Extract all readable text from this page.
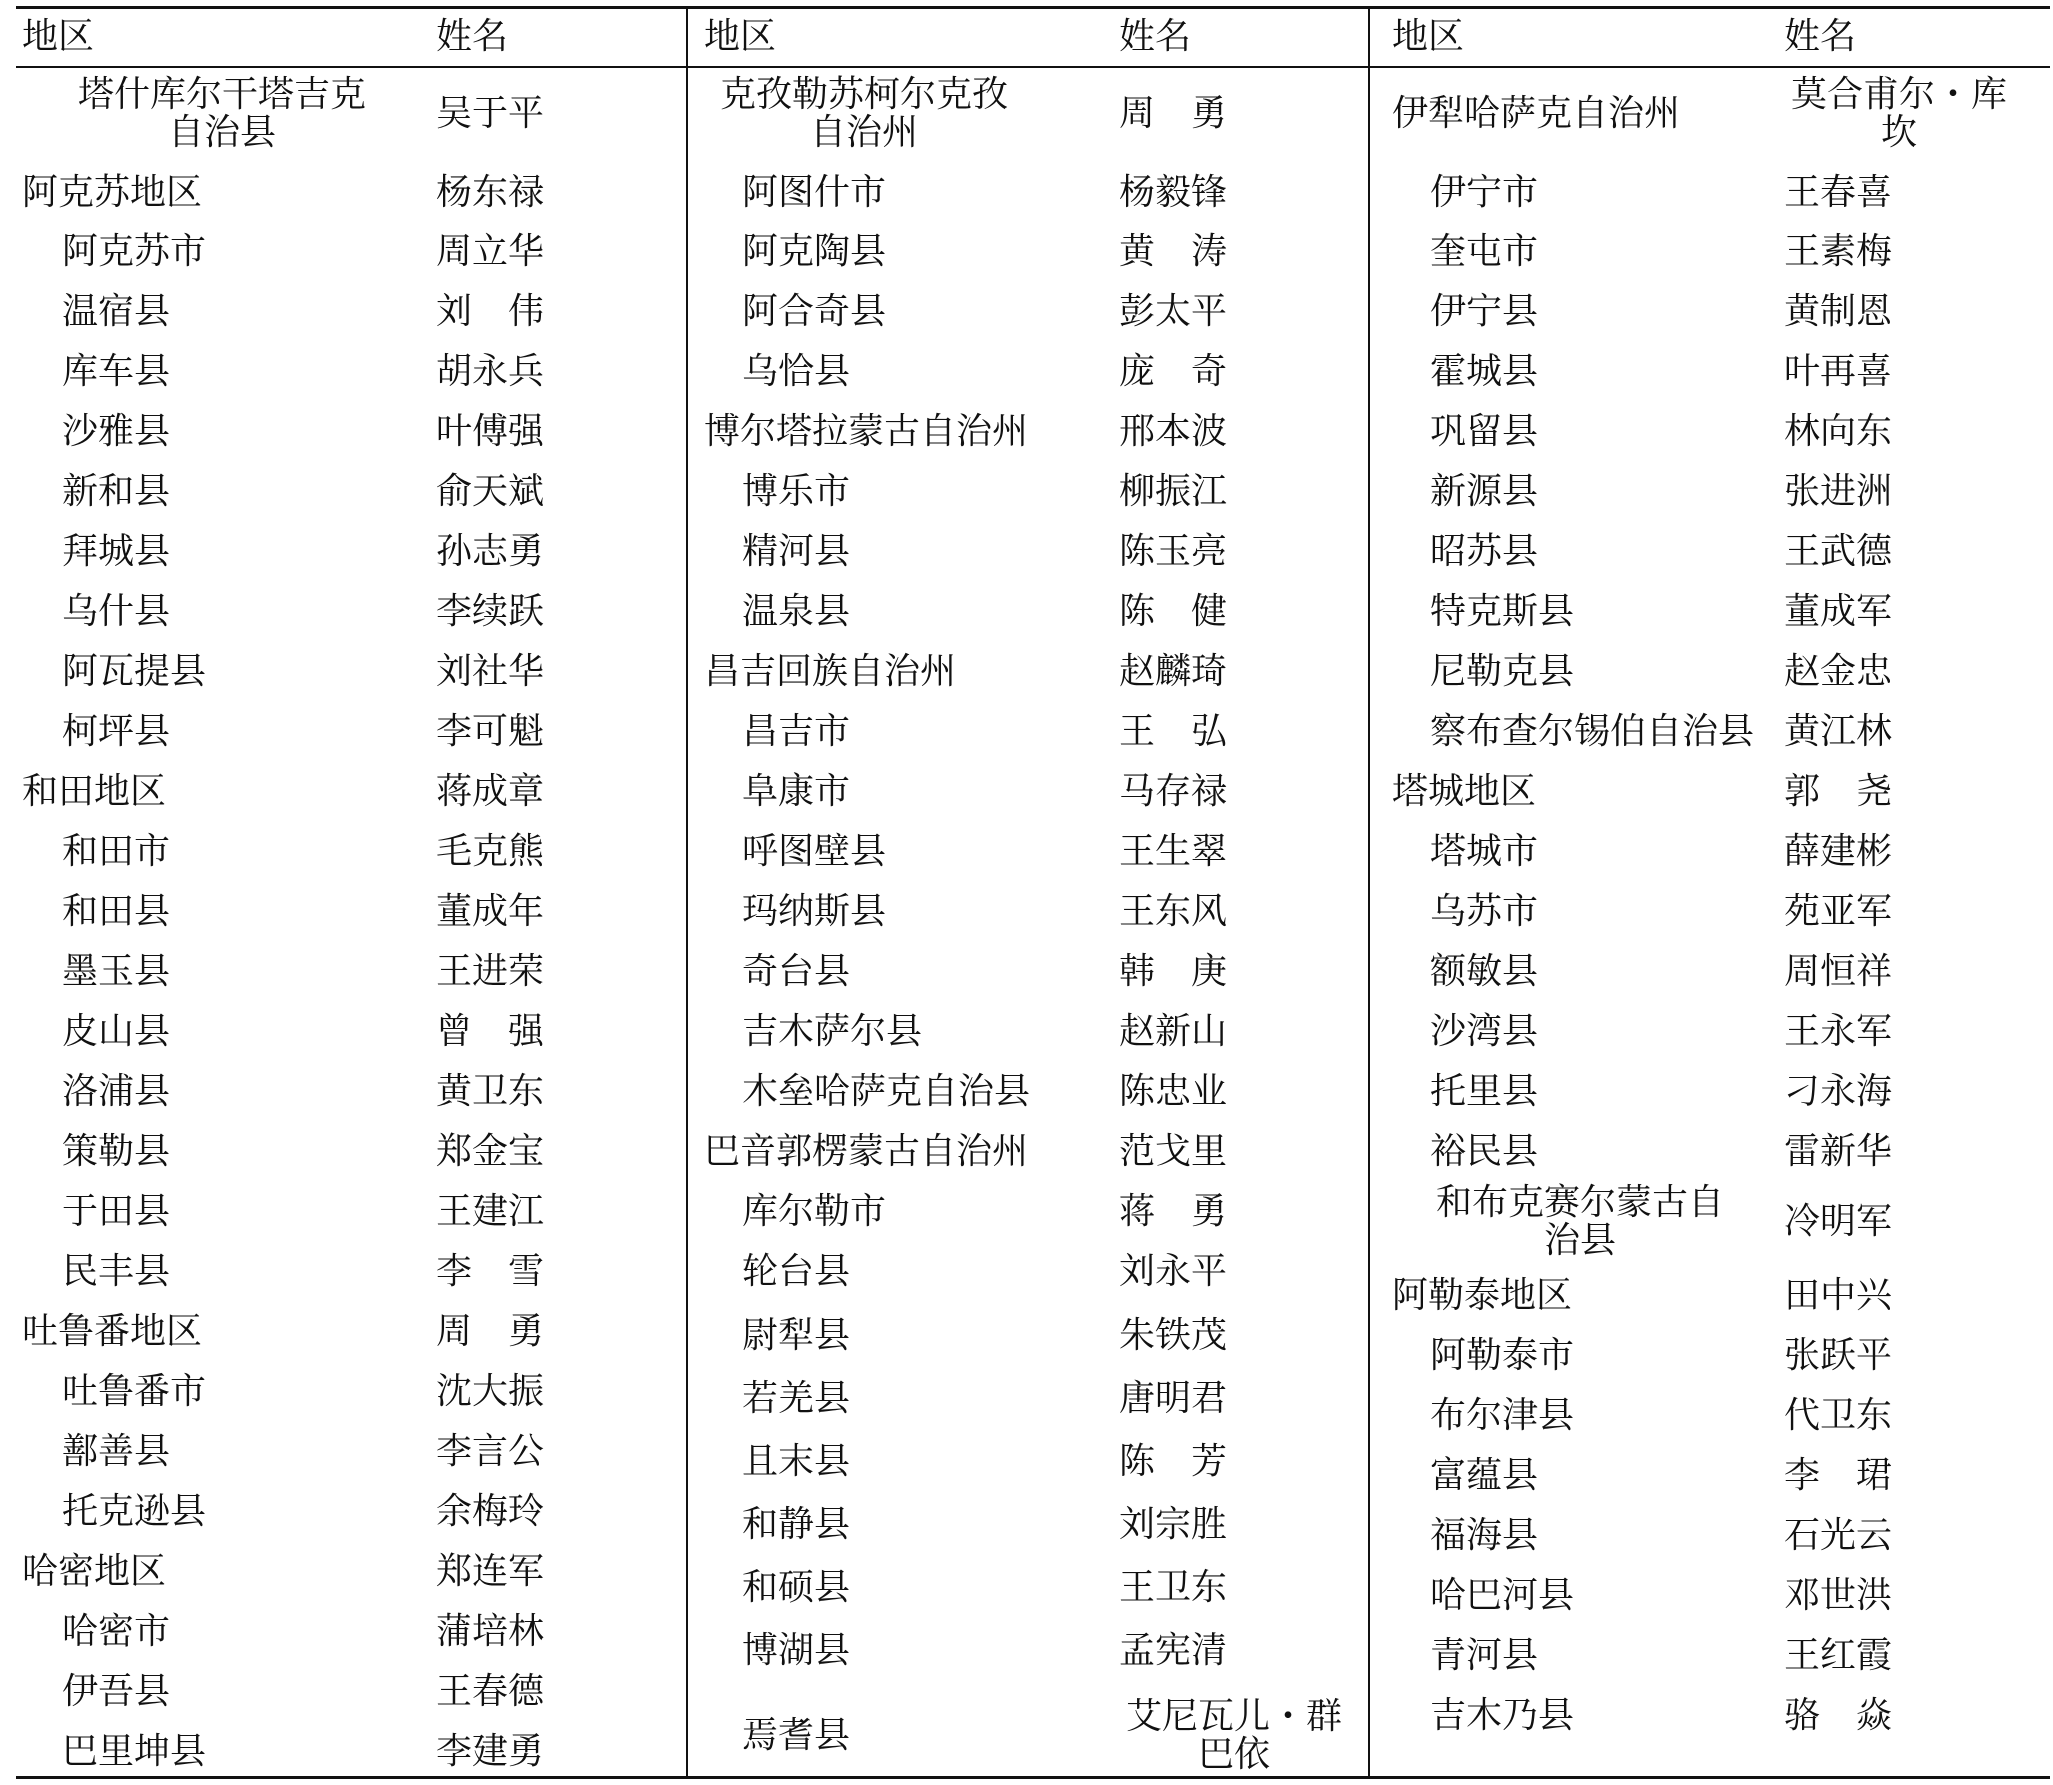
地区	姓名
塔什库尔干塔吉克自治县	吴于平
阿克苏地区	杨东禄
阿克苏市	周立华
温宿县	刘　伟
库车县	胡永兵
沙雅县	叶傅强
新和县	俞天斌
拜城县	孙志勇
乌什县	李续跃
阿瓦提县	刘社华
柯坪县	李可魁
和田地区	蒋成章
和田市	毛克熊
和田县	董成年
墨玉县	王进荣
皮山县	曾　强
洛浦县	黄卫东
策勒县	郑金宝
于田县	王建江
民丰县	李　雪
吐鲁番地区	周　勇
吐鲁番市	沈大振
鄯善县	李言公
托克逊县	余梅玲
哈密地区	郑连军
哈密市	蒲培林
伊吾县	王春德
巴里坤县	李建勇
地区	姓名
克孜勒苏柯尔克孜自治州	周　勇
阿图什市	杨毅锋
阿克陶县	黄　涛
阿合奇县	彭太平
乌恰县	庞　奇
博尔塔拉蒙古自治州	邢本波
博乐市	柳振江
精河县	陈玉亮
温泉县	陈　健
昌吉回族自治州	赵麟琦
昌吉市	王　弘
阜康市	马存禄
呼图壁县	王生翠
玛纳斯县	王东风
奇台县	韩　庚
吉木萨尔县	赵新山
木垒哈萨克自治县 陈忠业
巴音郭楞蒙古自治州	范戈里
库尔勒市	蒋　勇
轮台县	刘永平
尉犁县	朱铁茂
若羌县	唐明君
且末县	陈　芳
和静县	刘宗胜
和硕县	王卫东
博湖县	孟宪清
焉耆县	艾尼瓦儿・群巴依
地区	姓名
伊犁哈萨克自治州	莫合甫尔・库坎
伊宁市	王春喜
奎屯市	王素梅
伊宁县	黄制恩
霍城县	叶再喜
巩留县	林向东
新源县	张进洲
昭苏县	王武德
特克斯县	董成军
尼勒克县	赵金忠
察布查尔锡伯自治县 黄江林
塔城地区	郭　尧
塔城市	薛建彬
乌苏市	苑亚军
额敏县	周恒祥
沙湾县	王永军
托里县	刁永海
裕民县	雷新华
和布克赛尔蒙古自治县	冷明军
阿勒泰地区	田中兴
阿勒泰市	张跃平
布尔津县	代卫东
富蕴县	李　珺
福海县	石光云
哈巴河县	邓世洪
青河县	王红霞
吉木乃县	骆　焱
